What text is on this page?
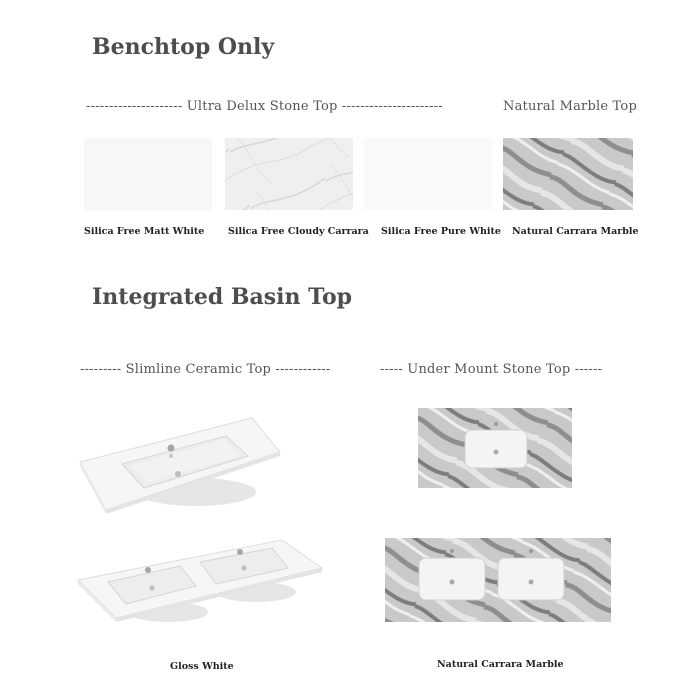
Benchtop Only
--------------------- Ultra Delux Stone Top ----------------------	Natural Marble Top
Silica Free Matt White Silica Free Cloudy Carrara Silica Free Pure White Natural Carrara Marble
Integrated Basin Top
--------- Slimline Ceramic Top ------------	----- Under Mount Stone Top ------
Gloss White	Natural Carrara Marble
